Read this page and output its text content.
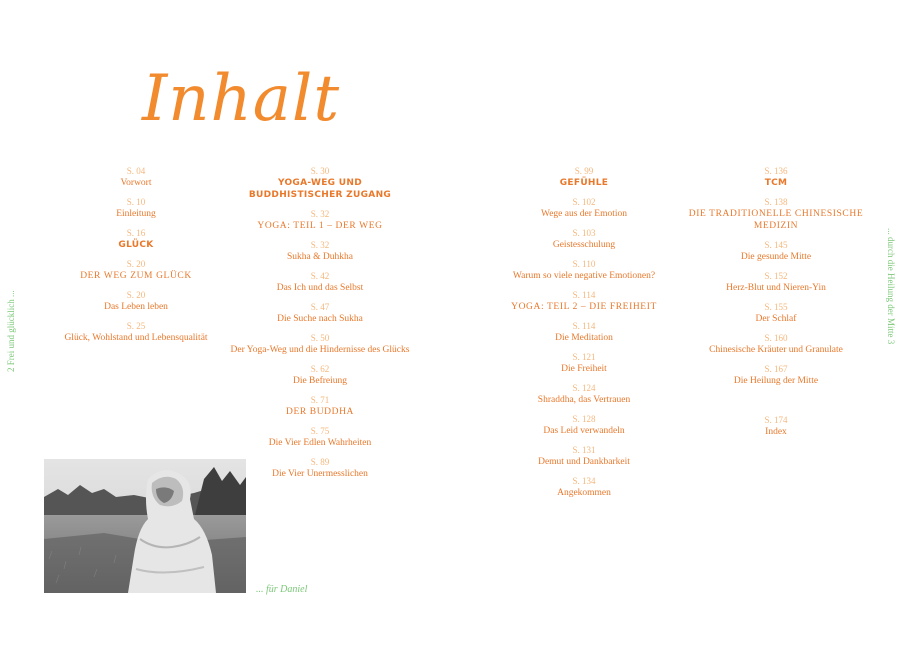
Inhalt
S. 04
Vorwort
S. 10
Einleitung
S. 16
GLÜCK
S. 20
DER WEG ZUM GLÜCK
S. 20
Das Leben leben
S. 25
Glück, Wohlstand und Lebensqualität
S. 30
YOGA-WEG UND BUDDHISTISCHER ZUGANG
S. 32
YOGA: TEIL 1 – DER WEG
S. 32
Sukha & Duhkha
S. 42
Das Ich und das Selbst
S. 47
Die Suche nach Sukha
S. 50
Der Yoga-Weg und die Hindernisse des Glücks
S. 62
Die Befreiung
S. 71
DER BUDDHA
S. 75
Die Vier Edlen Wahrheiten
S. 89
Die Vier Unermesslichen
S. 99
GEFÜHLE
S. 102
Wege aus der Emotion
S. 103
Geistesschulung
S. 110
Warum so viele negative Emotionen?
S. 114
YOGA: TEIL 2 – DIE FREIHEIT
S. 114
Die Meditation
S. 121
Die Freiheit
S. 124
Shraddha, das Vertrauen
S. 128
Das Leid verwandeln
S. 131
Demut und Dankbarkeit
S. 134
Angekommen
S. 136
TCM
S. 138
DIE TRADITIONELLE CHINESISCHE MEDIZIN
S. 145
Die gesunde Mitte
S. 152
Herz-Blut und Nieren-Yin
S. 155
Der Schlaf
S. 160
Chinesische Kräuter und Granulate
S. 167
Die Heilung der Mitte
S. 174
Index
2 Frei und glücklich ...	... durch die Heilung der Mitte 3
... für Daniel
